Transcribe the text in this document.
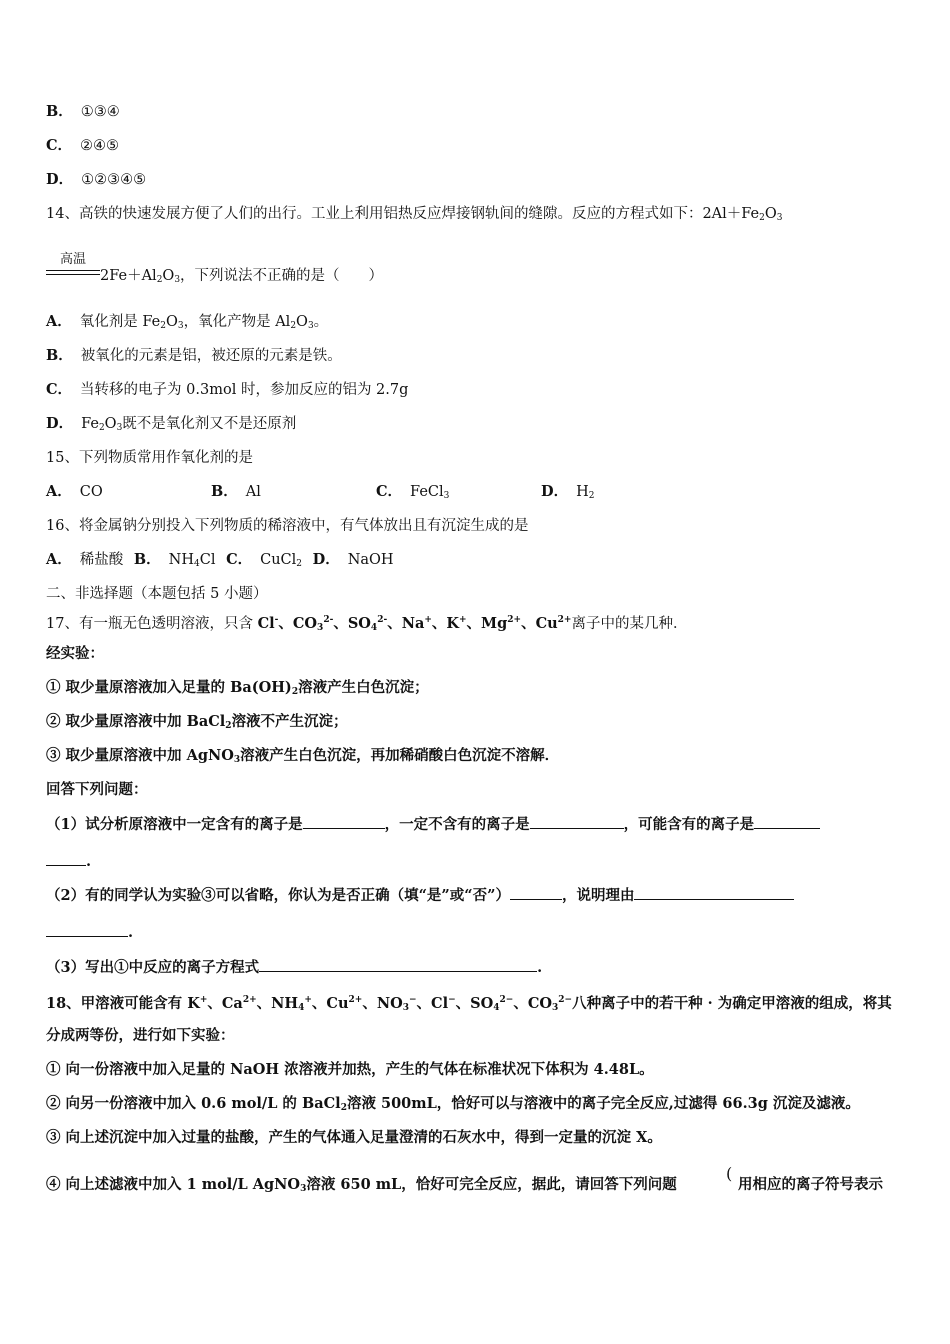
B． ①③④
C． ②④⑤
D． ①②③④⑤
14、高铁的快速发展方便了人们的出行。工业上利用铝热反应焊接钢轨间的缝隙。反应的方程式如下：$2Al+Fe_2O_3$
高温
$2Fe+Al_2O_3$，下列说法不正确的是（　　）
A． 氧化剂是 $Fe_2O_3$，氧化产物是 $Al_2O_3$。
B． 被氧化的元素是铝，被还原的元素是铁。
C． 当转移的电子为 0.3mol 时，参加反应的铝为 2.7g
D． $Fe_2O_3$既不是氧化剂又不是还原剂
15、下列物质常用作氧化剂的是
A． CO	B． Al	C． FeCl$_3$	D． $H_2$
16、将金属钠分别投入下列物质的稀溶液中，有气体放出且有沉淀生成的是
A． 稀盐酸 B． $NH_4Cl$ C． CuCl$_2$ D． NaOH
二、非选择题（本题包括 5 小题）
17、有一瓶无色透明溶液，只含 Cl-、$CO_3^{2-}$、$SO_4^{2-}$、Na+、K+、$Mg^{2+}$、$Cu^{2+}$离子中的某几种．
经实验：
① 取少量原溶液加入足量的 $Ba(OH)_2$溶液产生白色沉淀；
② 取少量原溶液中加 BaCl$_2$溶液不产生沉淀；
③ 取少量原溶液中加 AgNO$_3$溶液产生白色沉淀，再加稀硝酸白色沉淀不溶解．
回答下列问题：
（1）试分析原溶液中一定含有的离子是	，一定不含有的离子是	，可能含有的离子是
.
（2）有的同学认为实验③可以省略，你认为是否正确（填“是”或“否”）	，说明理由
.
（3）写出①中反应的离子方程式	.
18、甲溶液可能含有 K+、$Ca^{2+}$、$NH_4^+$、$Cu^{2+}$、$NO_3^-$、Cl−、$SO_4^{2-}$、$CO_3^{2-}$八种离子中的若干种 · 为确定甲溶液的组成，将其
分成两等份，进行如下实验：
① 向一份溶液中加入足量的 NaOH 浓溶液并加热，产生的气体在标准状况下体积为 4.48L。
② 向另一份溶液中加入 0.6 mol/L 的 BaCl$_2$溶液 500mL，恰好可以与溶液中的离子完全反应,过滤得 66.3g 沉淀及滤液。
③ 向上述沉淀中加入过量的盐酸，产生的气体通入足量澄清的石灰水中，得到一定量的沉淀 X。
④ 向上述滤液中加入 1 mol/L AgNO$_3$溶液 650 mL，恰好可完全反应，据此，请回答下列问题
(
用相应的离子符号表示
